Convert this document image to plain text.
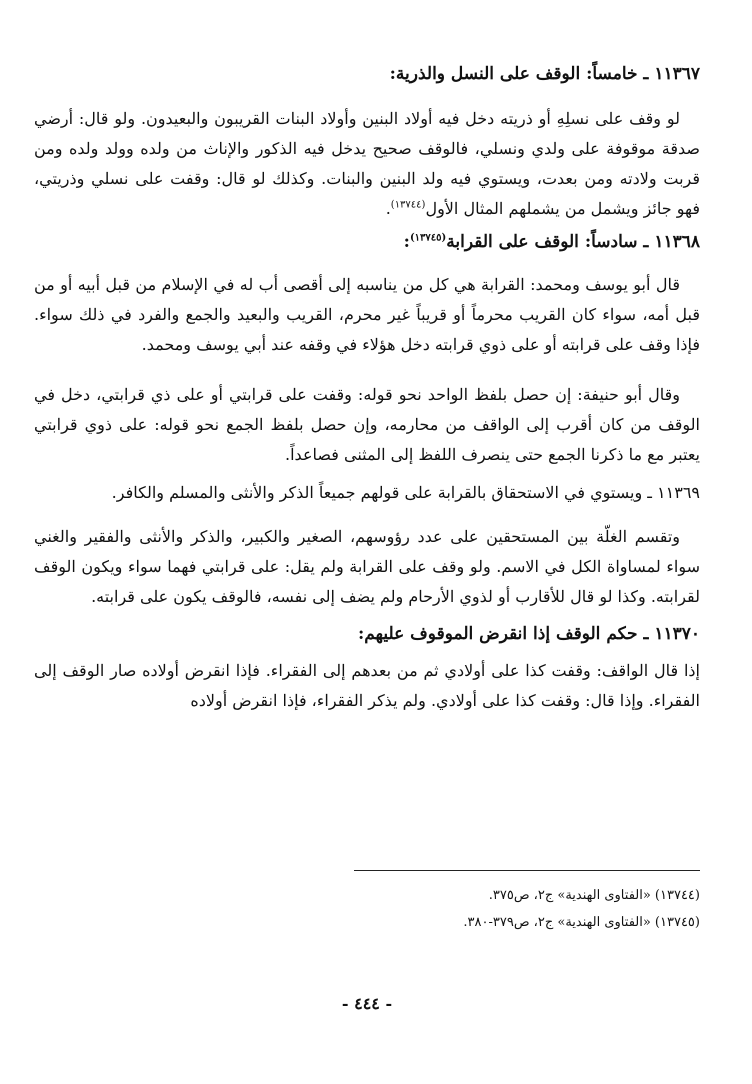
١١٣٦٧ ـ خامساً: الوقف على النسل والذرية:

لو وقف على نسلِهِ أو ذريته دخل فيه أولاد البنين وأولاد البنات القريبون والبعيدون. ولو قال: أرضي صدقة موقوفة على ولدي ونسلي، فالوقف صحيح يدخل فيه الذكور والإناث من ولده وولد ولده ومن قربت ولادته ومن بعدت، ويستوي فيه ولد البنين والبنات. وكذلك لو قال: وقفت على نسلي وذريتي، فهو جائز ويشمل من يشملهم المثال الأول$^{(١٣٧٤٤)}$.

١١٣٦٨ ـ سادساً: الوقف على القرابة$^{(١٣٧٤٥)}$:

قال أبو يوسف ومحمد: القرابة هي كل من يناسبه إلى أقصى أب له في الإسلام من قبل أبيه أو من قبل أمه، سواء كان القريب محرماً أو قريباً غير محرم، القريب والبعيد والجمع والفرد في ذلك سواء. فإذا وقف على قرابته أو على ذوي قرابته دخل هؤلاء في وقفه عند أبي يوسف ومحمد.

وقال أبو حنيفة: إن حصل بلفظ الواحد نحو قوله: وقفت على قرابتي أو على ذي قرابتي، دخل في الوقف من كان أقرب إلى الواقف من محارمه، وإن حصل بلفظ الجمع نحو قوله: على ذوي قرابتي يعتبر مع ما ذكرنا الجمع حتى ينصرف اللفظ إلى المثنى فصاعداً.

١١٣٦٩ ـ ويستوي في الاستحقاق بالقرابة على قولهم جميعاً الذكر والأنثى والمسلم والكافر.

وتقسم الغلّة بين المستحقين على عدد رؤوسهم، الصغير والكبير، والذكر والأنثى والفقير والغني سواء لمساواة الكل في الاسم. ولو وقف على القرابة ولم يقل: على قرابتي فهما سواء ويكون الوقف لقرابته. وكذا لو قال للأقارب أو لذوي الأرحام ولم يضف إلى نفسه، فالوقف يكون على قرابته.

١١٣٧٠ ـ حكم الوقف إذا انقرض الموقوف عليهم:

إذا قال الواقف: وقفت كذا على أولادي ثم من بعدهم إلى الفقراء. فإذا انقرض أولاده صار الوقف إلى الفقراء. وإذا قال: وقفت كذا على أولادي. ولم يذكر الفقراء، فإذا انقرض أولاده

(١٣٧٤٤) «الفتاوى الهندية» ج٢، ص٣٧٥.

(١٣٧٤٥) «الفتاوى الهندية» ج٢، ص٣٧٩-٣٨٠.

- ٤٤٤ -
